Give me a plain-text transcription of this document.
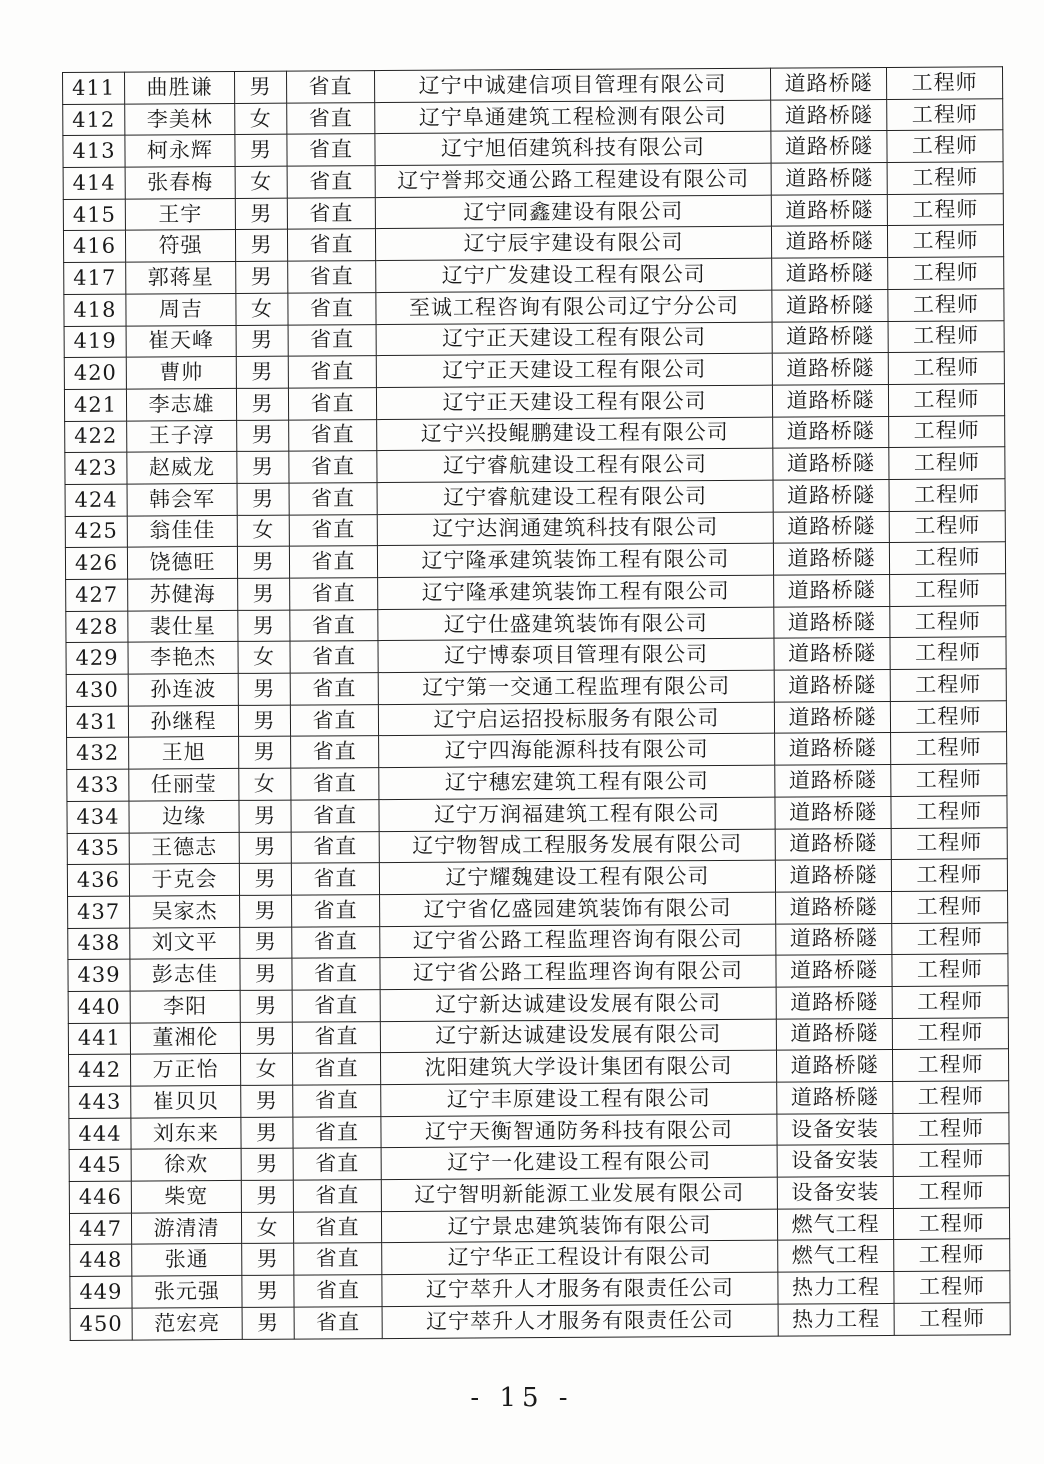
411	曲胜谦	男	省直	辽宁中诚建信项目管理有限公司	道路桥隧	工程师
412	李美林	女	省直	辽宁阜通建筑工程检测有限公司	道路桥隧	工程师
413	柯永辉	男	省直	辽宁旭佰建筑科技有限公司	道路桥隧	工程师
414	张春梅	女	省直	辽宁誉邦交通公路工程建设有限公司	道路桥隧	工程师
415	王宇	男	省直	辽宁同鑫建设有限公司	道路桥隧	工程师
416	符强	男	省直	辽宁辰宇建设有限公司	道路桥隧	工程师
417	郭蒋星	男	省直	辽宁广发建设工程有限公司	道路桥隧	工程师
418	周吉	女	省直	至诚工程咨询有限公司辽宁分公司	道路桥隧	工程师
419	崔天峰	男	省直	辽宁正天建设工程有限公司	道路桥隧	工程师
420	曹帅	男	省直	辽宁正天建设工程有限公司	道路桥隧	工程师
421	李志雄	男	省直	辽宁正天建设工程有限公司	道路桥隧	工程师
422	王子淳	男	省直	辽宁兴投鲲鹏建设工程有限公司	道路桥隧	工程师
423	赵威龙	男	省直	辽宁睿航建设工程有限公司	道路桥隧	工程师
424	韩会军	男	省直	辽宁睿航建设工程有限公司	道路桥隧	工程师
425	翁佳佳	女	省直	辽宁达润通建筑科技有限公司	道路桥隧	工程师
426	饶德旺	男	省直	辽宁隆承建筑装饰工程有限公司	道路桥隧	工程师
427	苏健海	男	省直	辽宁隆承建筑装饰工程有限公司	道路桥隧	工程师
428	裴仕星	男	省直	辽宁仕盛建筑装饰有限公司	道路桥隧	工程师
429	李艳杰	女	省直	辽宁博泰项目管理有限公司	道路桥隧	工程师
430	孙连波	男	省直	辽宁第一交通工程监理有限公司	道路桥隧	工程师
431	孙继程	男	省直	辽宁启运招投标服务有限公司	道路桥隧	工程师
432	王旭	男	省直	辽宁四海能源科技有限公司	道路桥隧	工程师
433	任丽莹	女	省直	辽宁穗宏建筑工程有限公司	道路桥隧	工程师
434	边缘	男	省直	辽宁万润福建筑工程有限公司	道路桥隧	工程师
435	王德志	男	省直	辽宁物智成工程服务发展有限公司	道路桥隧	工程师
436	于克会	男	省直	辽宁耀魏建设工程有限公司	道路桥隧	工程师
437	吴家杰	男	省直	辽宁省亿盛园建筑装饰有限公司	道路桥隧	工程师
438	刘文平	男	省直	辽宁省公路工程监理咨询有限公司	道路桥隧	工程师
439	彭志佳	男	省直	辽宁省公路工程监理咨询有限公司	道路桥隧	工程师
440	李阳	男	省直	辽宁新达诚建设发展有限公司	道路桥隧	工程师
441	董湘伦	男	省直	辽宁新达诚建设发展有限公司	道路桥隧	工程师
442	万正怡	女	省直	沈阳建筑大学设计集团有限公司	道路桥隧	工程师
443	崔贝贝	男	省直	辽宁丰原建设工程有限公司	道路桥隧	工程师
444	刘东来	男	省直	辽宁天衡智通防务科技有限公司	设备安装	工程师
445	徐欢	男	省直	辽宁一化建设工程有限公司	设备安装	工程师
446	柴宽	男	省直	辽宁智明新能源工业发展有限公司	设备安装	工程师
447	游清清	女	省直	辽宁景忠建筑装饰有限公司	燃气工程	工程师
448	张通	男	省直	辽宁华正工程设计有限公司	燃气工程	工程师
449	张元强	男	省直	辽宁萃升人才服务有限责任公司	热力工程	工程师
450	范宏亮	男	省直	辽宁萃升人才服务有限责任公司	热力工程	工程师
- 15 -
